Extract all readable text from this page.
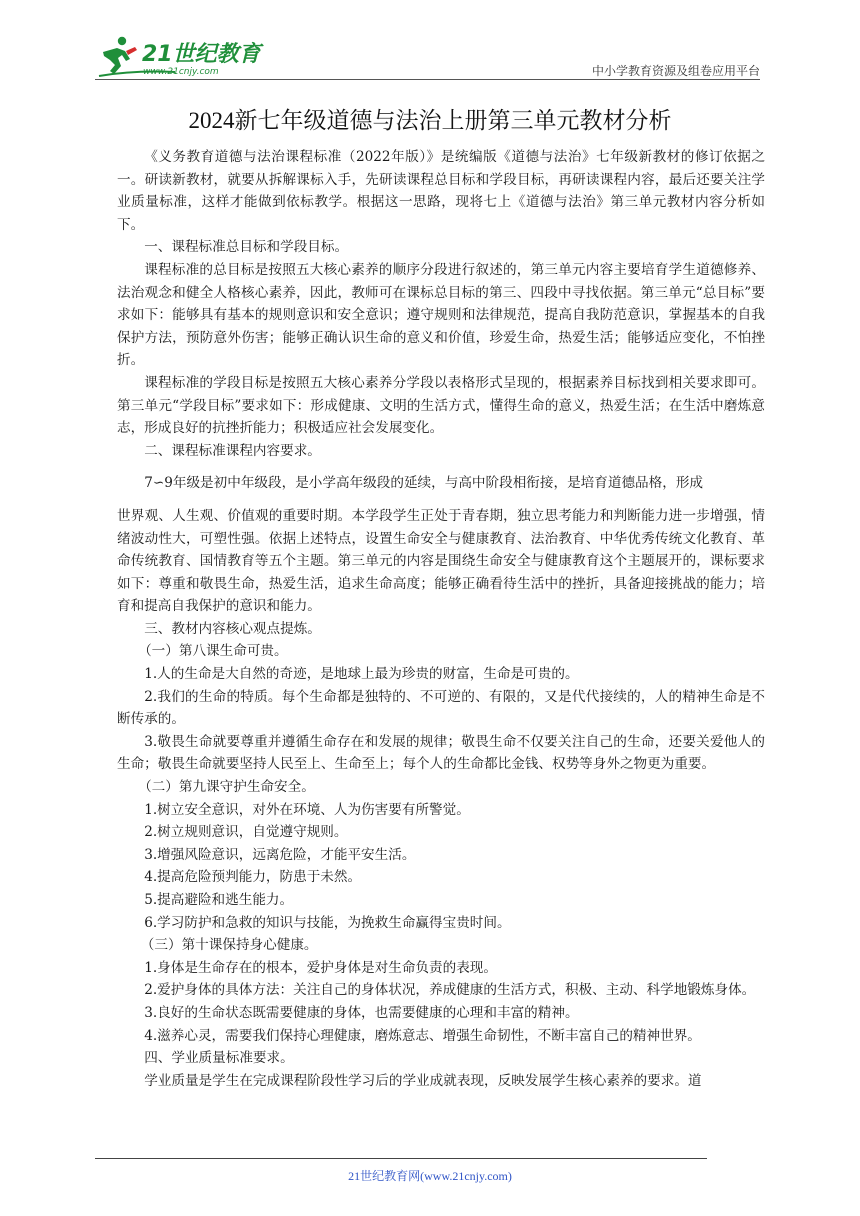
21世纪教育
www.21cnjy.com	中小学教育资源及组卷应用平台
2024新七年级道德与法治上册第三单元教材分析

《义务教育道德与法治课程标准（2022年版）》是统编版《道德与法治》七年级新教材的修订依据之一。研读新教材，就要从拆解课标入手，先研读课程总目标和学段目标，再研读课程内容，最后还要关注学业质量标准，这样才能做到依标教学。根据这一思路，现将七上《道德与法治》第三单元教材内容分析如下。

一、课程标准总目标和学段目标。

课程标准的总目标是按照五大核心素养的顺序分段进行叙述的，第三单元内容主要培育学生道德修养、法治观念和健全人格核心素养，因此，教师可在课标总目标的第三、四段中寻找依据。第三单元“总目标”要求如下：能够具有基本的规则意识和安全意识；遵守规则和法律规范，提高自我防范意识，掌握基本的自我保护方法，预防意外伤害；能够正确认识生命的意义和价值，珍爱生命，热爱生活；能够适应变化，不怕挫折。

课程标准的学段目标是按照五大核心素养分学段以表格形式呈现的，根据素养目标找到相关要求即可。第三单元“学段目标”要求如下：形成健康、文明的生活方式，懂得生命的意义，热爱生活；在生活中磨炼意志，形成良好的抗挫折能力；积极适应社会发展变化。

二、课程标准课程内容要求。

7∽9年级是初中年级段，是小学高年级段的延续，与高中阶段相衔接，是培育道德品格，形成

世界观、人生观、价值观的重要时期。本学段学生正处于青春期，独立思考能力和判断能力进一步增强，情绪波动性大，可塑性强。依据上述特点，设置生命安全与健康教育、法治教育、中华优秀传统文化教育、革命传统教育、国情教育等五个主题。第三单元的内容是围绕生命安全与健康教育这个主题展开的，课标要求如下：尊重和敬畏生命，热爱生活，追求生命高度；能够正确看待生活中的挫折，具备迎接挑战的能力；培育和提高自我保护的意识和能力。

三、教材内容核心观点提炼。

（一）第八课生命可贵。

1.人的生命是大自然的奇迹，是地球上最为珍贵的财富，生命是可贵的。

2.我们的生命的特质。每个生命都是独特的、不可逆的、有限的，又是代代接续的，人的精神生命是不断传承的。

3.敬畏生命就要尊重并遵循生命存在和发展的规律；敬畏生命不仅要关注自己的生命，还要关爱他人的生命；敬畏生命就要坚持人民至上、生命至上；每个人的生命都比金钱、权势等身外之物更为重要。

（二）第九课守护生命安全。

1.树立安全意识，对外在环境、人为伤害要有所警觉。

2.树立规则意识，自觉遵守规则。

3.增强风险意识，远离危险，才能平安生活。

4.提高危险预判能力，防患于未然。

5.提高避险和逃生能力。

6.学习防护和急救的知识与技能，为挽救生命赢得宝贵时间。

（三）第十课保持身心健康。

1.身体是生命存在的根本，爱护身体是对生命负责的表现。

2.爱护身体的具体方法：关注自己的身体状况，养成健康的生活方式，积极、主动、科学地锻炼身体。

3.良好的生命状态既需要健康的身体，也需要健康的心理和丰富的精神。

4.滋养心灵，需要我们保持心理健康，磨炼意志、增强生命韧性，不断丰富自己的精神世界。

四、学业质量标准要求。

学业质量是学生在完成课程阶段性学习后的学业成就表现，反映发展学生核心素养的要求。道

21世纪教育网(www.21cnjy.com)
